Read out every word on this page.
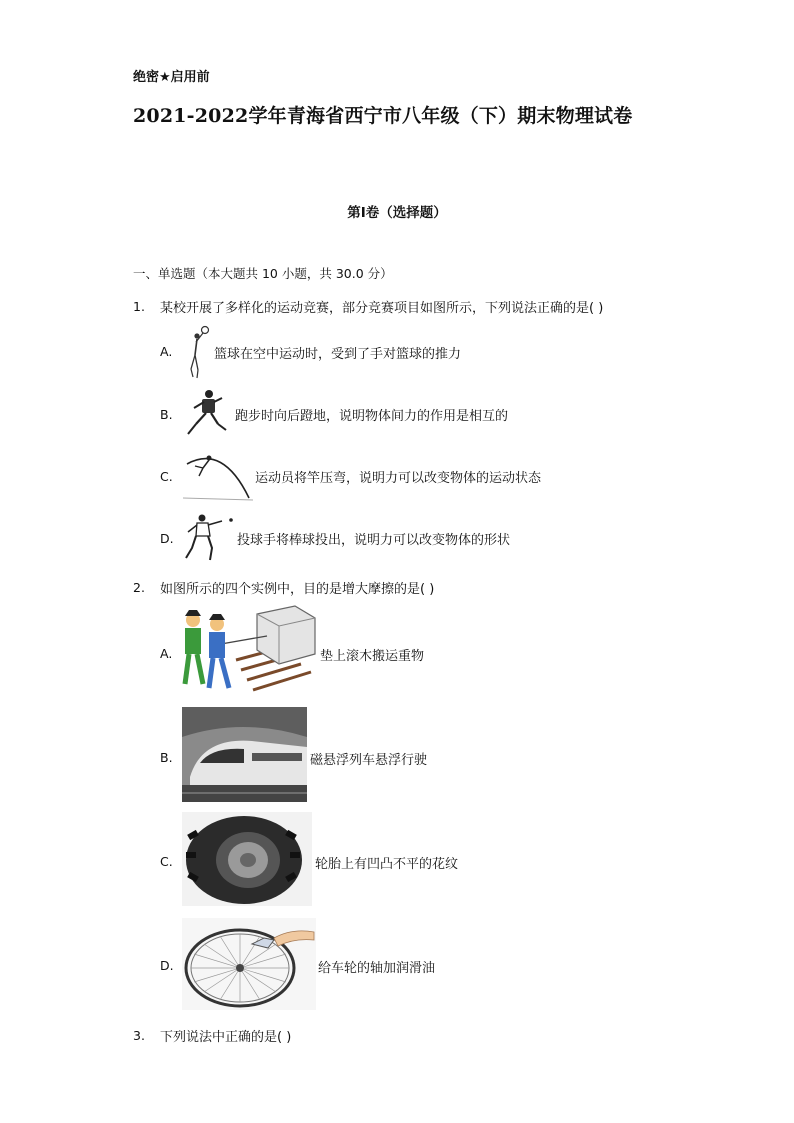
绝密★启用前
2021-2022学年青海省西宁市八年级（下）期末物理试卷
第I卷（选择题）
一、单选题（本大题共 10 小题，共 30.0 分）
1. 某校开展了多样化的运动竞赛，部分竞赛项目如图所示，下列说法正确的是( )
A.	篮球在空中运动时，受到了手对篮球的推力
B.	跑步时向后蹬地，说明物体间力的作用是相互的
C.	运动员将竿压弯，说明力可以改变物体的运动状态
D.	投球手将棒球投出，说明力可以改变物体的形状
2. 如图所示的四个实例中，目的是增大摩擦的是( )
A.	垫上滚木搬运重物
B.	磁悬浮列车悬浮行驶
C.	轮胎上有凹凸不平的花纹
D.	给车轮的轴加润滑油
3. 下列说法中正确的是( )
